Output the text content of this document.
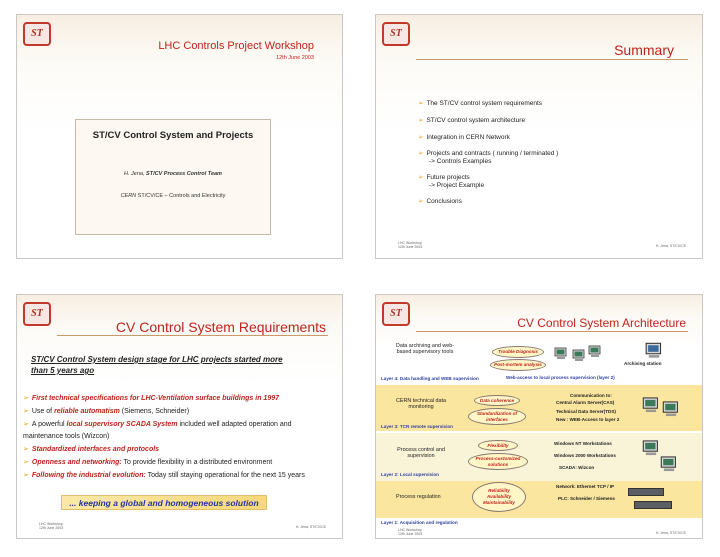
ST
LHC Controls Project Workshop
12th June 2003
ST/CV Control System and Projects
H. Jena, ST/CV Process Control Team
CERN ST/CV/CE – Controls and Electricity
ST
Summary
➢ The ST/CV control system requirements
➢ ST/CV control system architecture
➢ Integration in CERN Network
➢ Projects and contracts ( running / terminated )
-> Controls Examples
➢ Future projects
-> Project Example
➢ Conclusions
LHC Workshop
12th June 2003	H. Jena, ST/CV/CE
ST
CV Control System Requirements
ST/CV Control System design stage for LHC projects started more than 5 years ago
➢ First technical specifications for LHC-Ventilation surface buildings in 1997
➢ Use of reliable automatism (Siemens, Schneider)
➢ A powerful local supervisory SCADA System included well adapted operation and maintenance tools (Wizcon)
➢ Standardized interfaces and protocols
➢ Openness and networking: To provide flexibility in a distributed environment
➢ Following the industrial evolution: Today still staying operational for the next 15 years
... keeping a global and homogeneous solution
LHC Workshop
12th June 2003	H. Jena, ST/CV/CE
ST
CV Control System Architecture
Data archiving and web-based supervisory tools	Trouble Diagnosis
Post-mortem analysis	Archiving station
Layer 4: Data handling and WEB supervision	Web-access to local process supervision (layer 2)
CERN technical data monitoring
Data coherence
Standardization of interfaces
Communication to:
Central Alarm Server(CAS)
Technical Data Server(TDS)
New : WEB-Access to layer 2
Layer 3: TCR remote supervision
Process control and supervision
Flexibility
Process-customized solutions
Windows NT Workstations
Windows 2000 Workstations
SCADA: Wizcon
Layer 2: Local supervision
Process regulation
Reliability
Availability
Maintainability
Network: Ethernet TCP / IP
PLC: Schneider / Siemens
Layer 1: Acquisition and regulation
LHC Workshop
12th June 2003	H. Jena, ST/CV/CE
